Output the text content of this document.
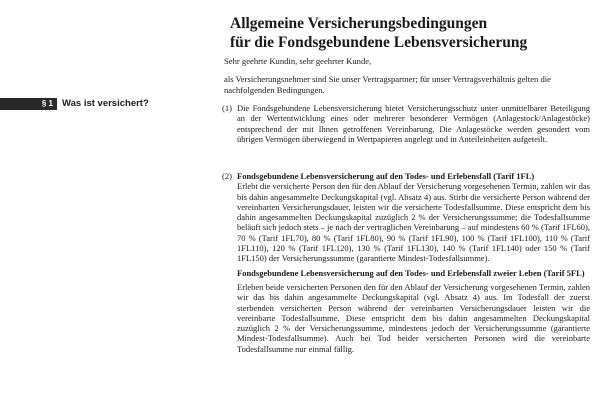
Allgemeine Versicherungsbedingungen
für die Fondsgebundene Lebensversicherung
Sehr geehrte Kundin, sehr geehrter Kunde,
als Versicherungsnehmer sind Sie unser Vertragspartner; für unser Vertragsverhältnis gelten die nachfolgenden Bedingungen.
§ 1 Was ist versichert?	(1) Die Fondsgebundene Lebensversicherung bietet Versicherungsschutz unter unmittelbarer Beteiligung an der Wertentwicklung eines oder mehrerer besonderer Vermögen (Anlagestock/Anlagestöcke) entsprechend der mit Ihnen getroffenen Vereinbarung. Die Anlagestöcke werden gesondert vom übrigen Vermögen überwiegend in Wertpapieren angelegt und in Anteileinheiten aufgeteilt.

(2) Fondsgebundene Lebensversicherung auf den Todes- und Erlebensfall (Tarif 1FL)

Erlebt die versicherte Person den für den Ablauf der Versicherung vorgesehenen Termin, zahlen wir das bis dahin angesammelte Deckungskapital (vgl. Absatz 4) aus. Stirbt die versicherte Person während der vereinbarten Versicherungsdauer, leisten wir die versicherte Todesfallsumme. Diese entspricht dem bis dahin angesammelten Deckungskapital zuzüglich 2 % der Versicherungssumme; die Todesfallsumme beläuft sich jedoch stets – je nach der vertraglichen Vereinbarung – auf mindestens 60 % (Tarif 1FL60), 70 % (Tarif 1FL70), 80 % (Tarif 1FL80), 90 % (Tarif 1FL90), 100 % (Tarif 1FL100), 110 % (Tarif 1FL110), 120 % (Tarif 1FL120), 130 % (Tarif 1FL130), 140 % (Tarif 1FL140) oder 150 % (Tarif 1FL150) der Versicherungssumme (garantierte Mindest-Todesfallsumme).

Fondsgebundene Lebensversicherung auf den Todes- und Erlebensfall zweier Leben (Tarif 5FL)

Erleben beide versicherten Personen den für den Ablauf der Versicherung vorgesehenen Termin, zahlen wir das bis dahin angesammelte Deckungskapital (vgl. Absatz 4) aus. Im Todesfall der zuerst sterbenden versicherten Person während der vereinbarten Versicherungsdauer leisten wir die vereinbarte Todesfallsumme. Diese entspricht dem bis dahin angesammelten Deckungskapital zuzüglich 2 % der Versicherungssumme, mindestens jedoch der Versicherungssumme (garantierte Mindest-Todesfallsumme). Auch bei Tod beider versicherten Personen wird die vereinbarte Todesfallsumme nur einmal fällig.
